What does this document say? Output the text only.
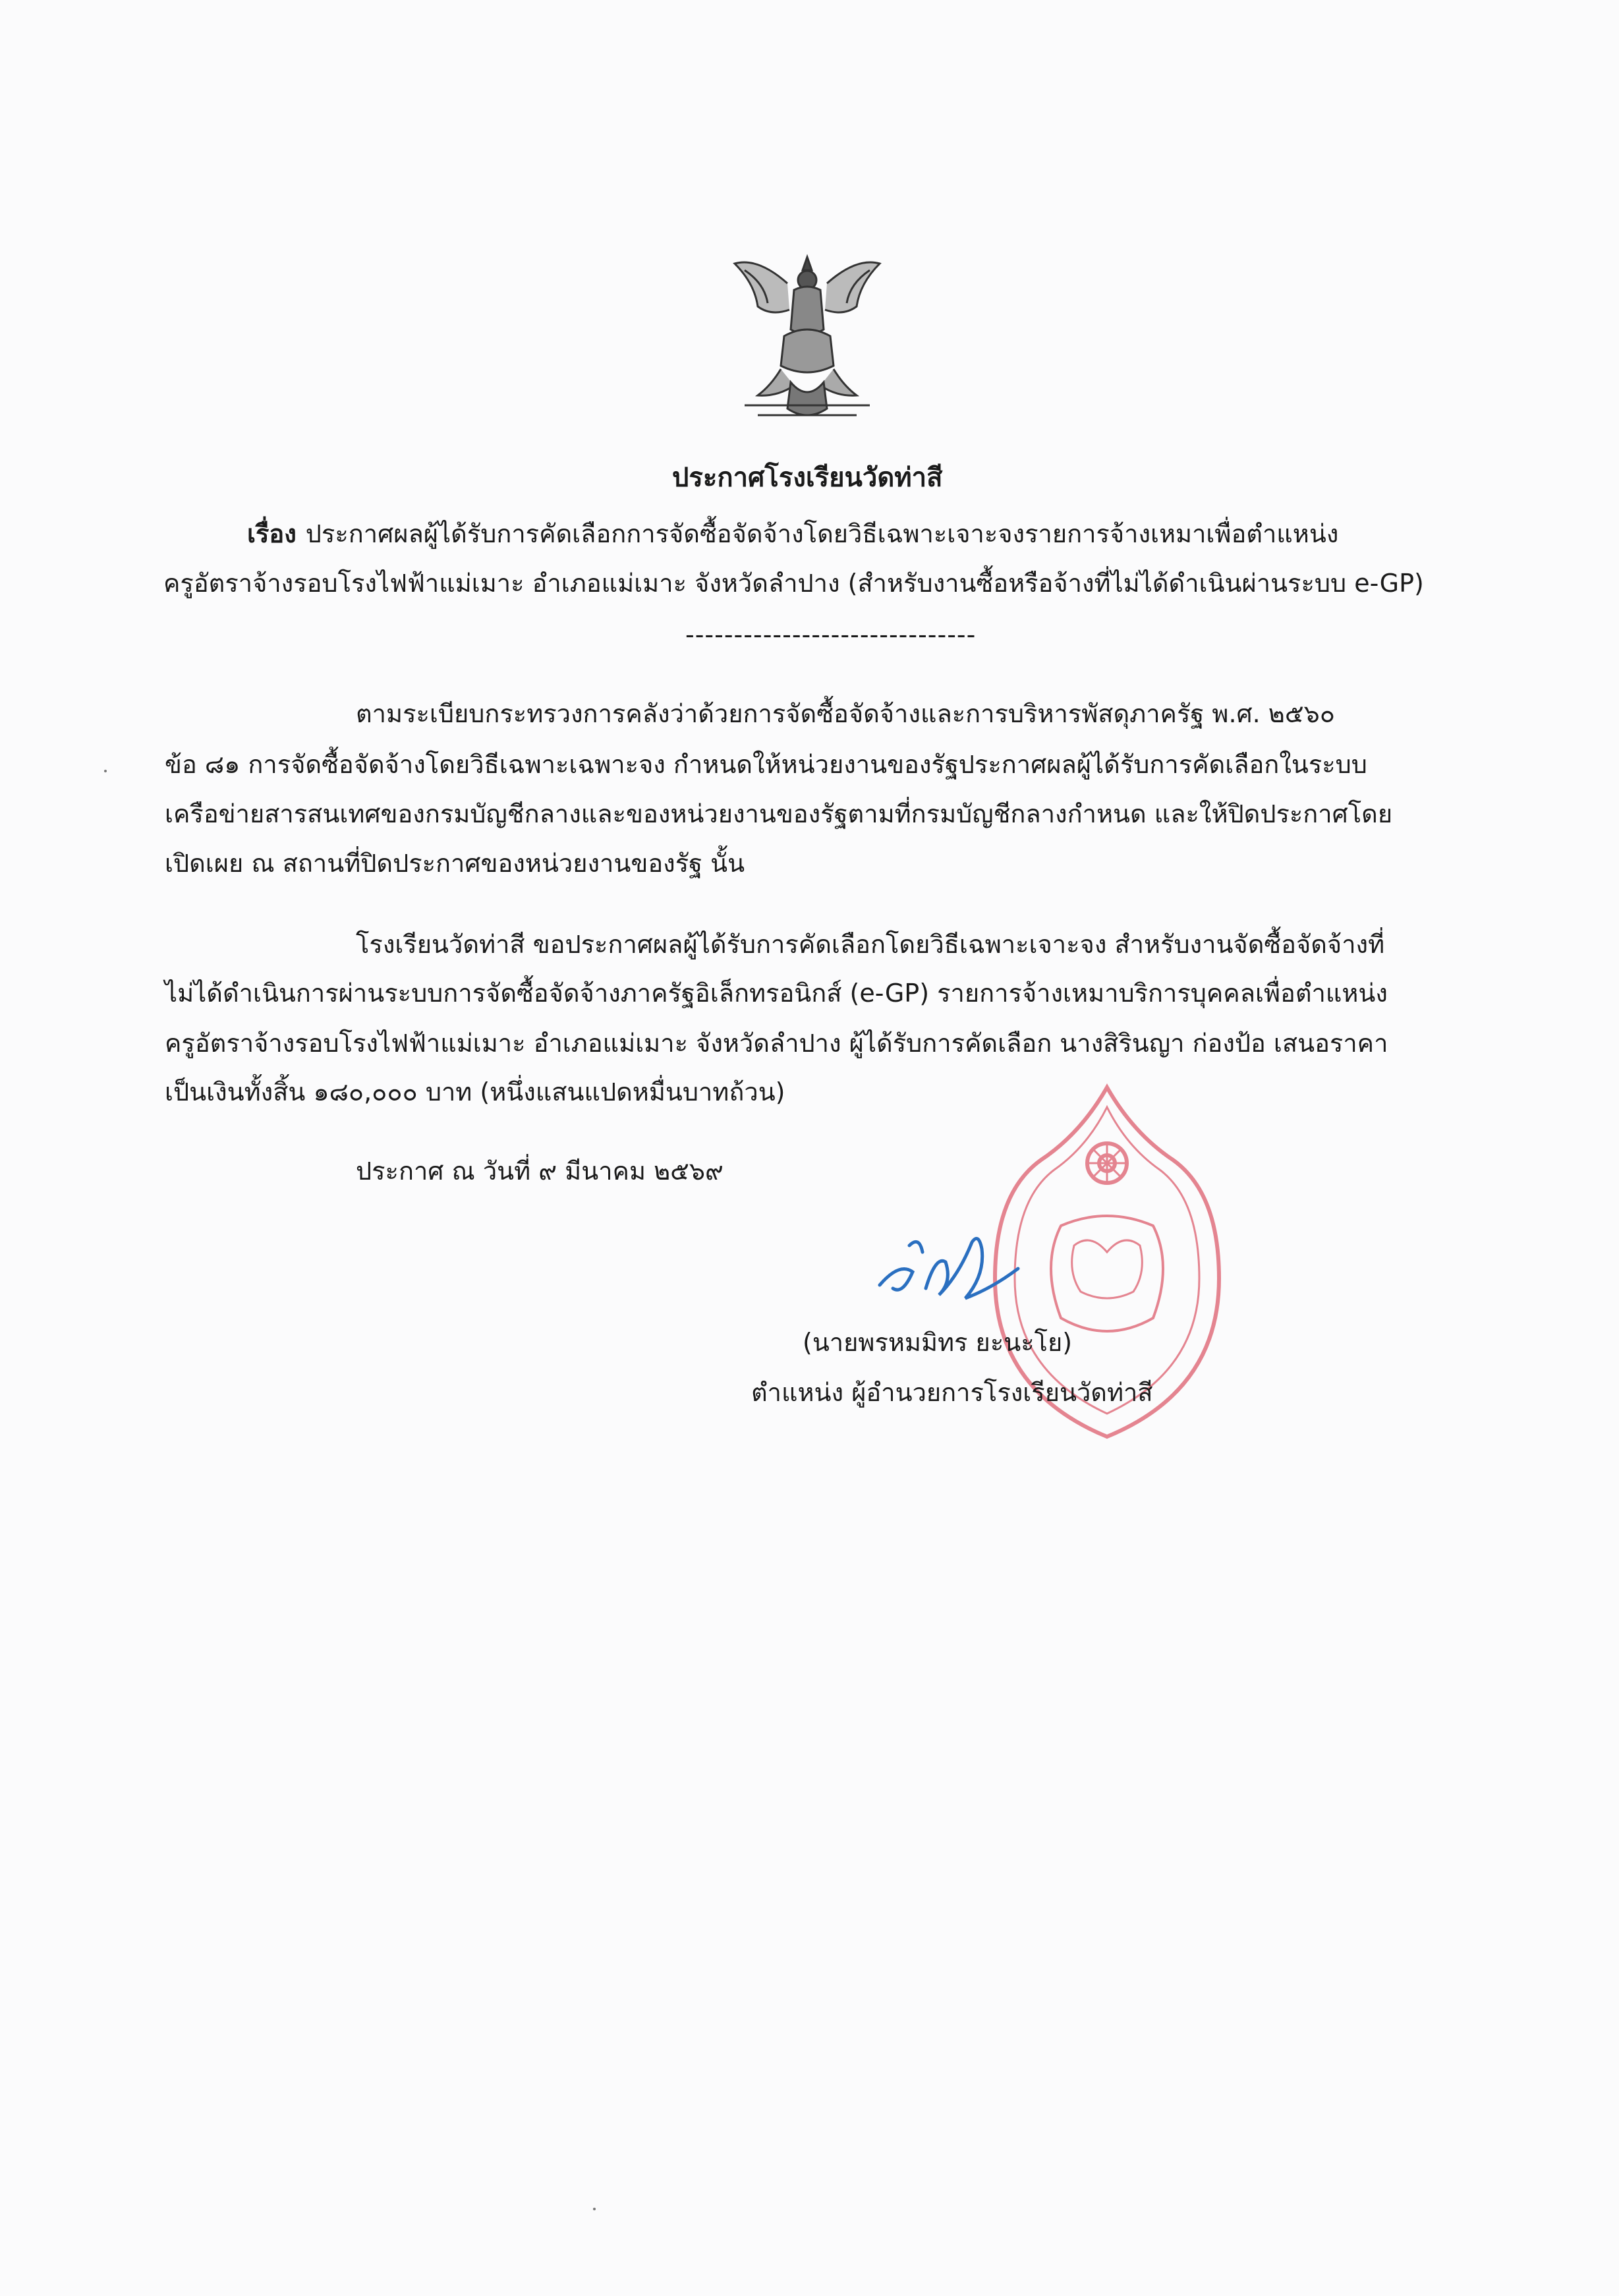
ประกาศโรงเรียนวัดท่าสี
เรื่อง ประกาศผลผู้ได้รับการคัดเลือกการจัดซื้อจัดจ้างโดยวิธีเฉพาะเจาะจงรายการจ้างเหมาเพื่อตำแหน่ง
ครูอัตราจ้างรอบโรงไฟฟ้าแม่เมาะ อำเภอแม่เมาะ จังหวัดลำปาง (สำหรับงานซื้อหรือจ้างที่ไม่ได้ดำเนินผ่านระบบ e-GP)
------------------------------
ตามระเบียบกระทรวงการคลังว่าด้วยการจัดซื้อจัดจ้างและการบริหารพัสดุภาครัฐ พ.ศ. ๒๕๖๐
ข้อ ๘๑ การจัดซื้อจัดจ้างโดยวิธีเฉพาะเฉพาะจง กำหนดให้หน่วยงานของรัฐประกาศผลผู้ได้รับการคัดเลือกในระบบ
เครือข่ายสารสนเทศของกรมบัญชีกลางและของหน่วยงานของรัฐตามที่กรมบัญชีกลางกำหนด และให้ปิดประกาศโดย
เปิดเผย ณ สถานที่ปิดประกาศของหน่วยงานของรัฐ นั้น
โรงเรียนวัดท่าสี ขอประกาศผลผู้ได้รับการคัดเลือกโดยวิธีเฉพาะเจาะจง สำหรับงานจัดซื้อจัดจ้างที่
ไม่ได้ดำเนินการผ่านระบบการจัดซื้อจัดจ้างภาครัฐอิเล็กทรอนิกส์ (e-GP) รายการจ้างเหมาบริการบุคคลเพื่อตำแหน่ง
ครูอัตราจ้างรอบโรงไฟฟ้าแม่เมาะ อำเภอแม่เมาะ จังหวัดลำปาง ผู้ได้รับการคัดเลือก นางสิรินญา ก่องป้อ เสนอราคา
เป็นเงินทั้งสิ้น ๑๘๐,๐๐๐ บาท (หนึ่งแสนแปดหมื่นบาทถ้วน)
ประกาศ ณ วันที่ ๙ มีนาคม ๒๕๖๙
(นายพรหมมิทร ยะนะโย)
ตำแหน่ง ผู้อำนวยการโรงเรียนวัดท่าสี
